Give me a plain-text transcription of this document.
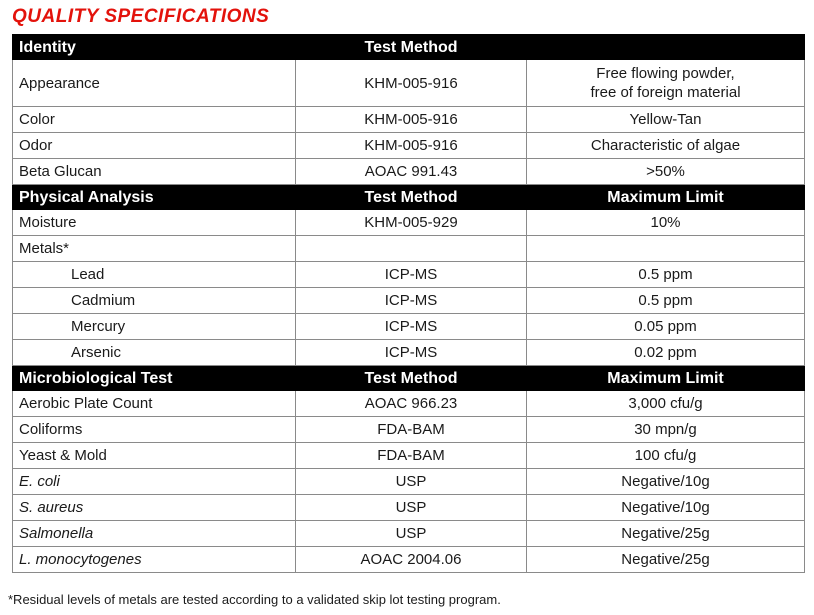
QUALITY SPECIFICATIONS
Identity	Test Method	
Appearance	KHM-005-916	Free flowing powder,
free of foreign material

Color	KHM-005-916	Yellow-Tan
Odor	KHM-005-916	Characteristic of algae
Beta Glucan	AOAC 991.43	>50%
Physical Analysis	Test Method	Maximum Limit
Moisture	KHM-005-929	10%
Metals*		
Lead	ICP-MS	0.5 ppm
Cadmium	ICP-MS	0.5 ppm
Mercury	ICP-MS	0.05 ppm
Arsenic	ICP-MS	0.02 ppm
Microbiological Test	Test Method	Maximum Limit
Aerobic Plate Count	AOAC 966.23	3,000 cfu/g
Coliforms	FDA-BAM	30 mpn/g
Yeast & Mold	FDA-BAM	100 cfu/g
E. coli	USP	Negative/10g
S. aureus	USP	Negative/10g
Salmonella	USP	Negative/25g
L. monocytogenes	AOAC 2004.06	Negative/25g
*Residual levels of metals are tested according to a validated skip lot testing program.
